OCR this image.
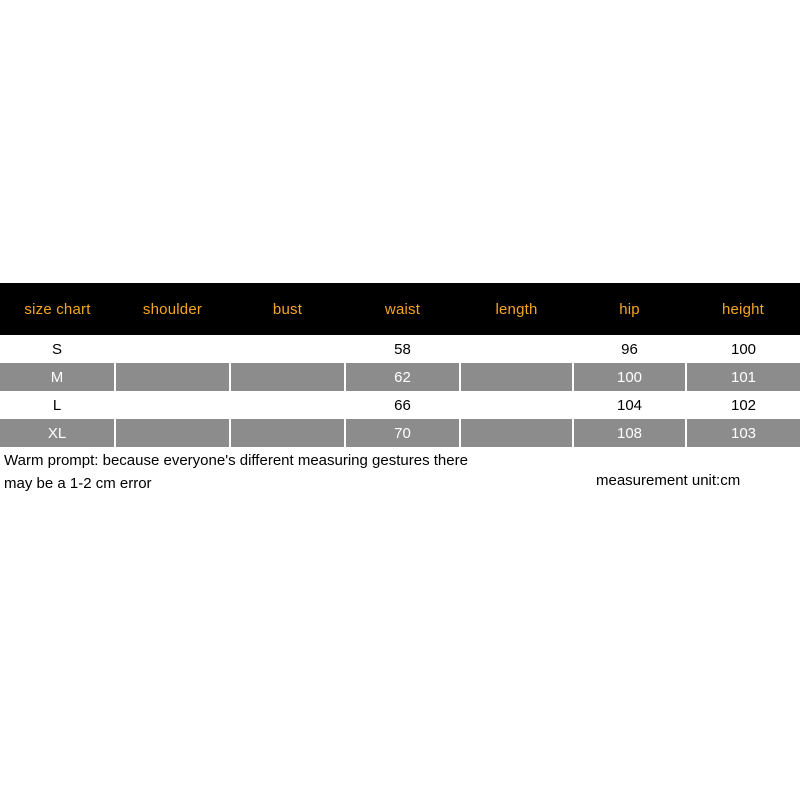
size chart	shoulder	bust	waist	length	hip	height
S			58		96	100
M			62		100	101
L			66		104	102
XL			70		108	103
Warm prompt: because everyone's different measuring gestures there may be a 1-2 cm error	measurement unit:cm
